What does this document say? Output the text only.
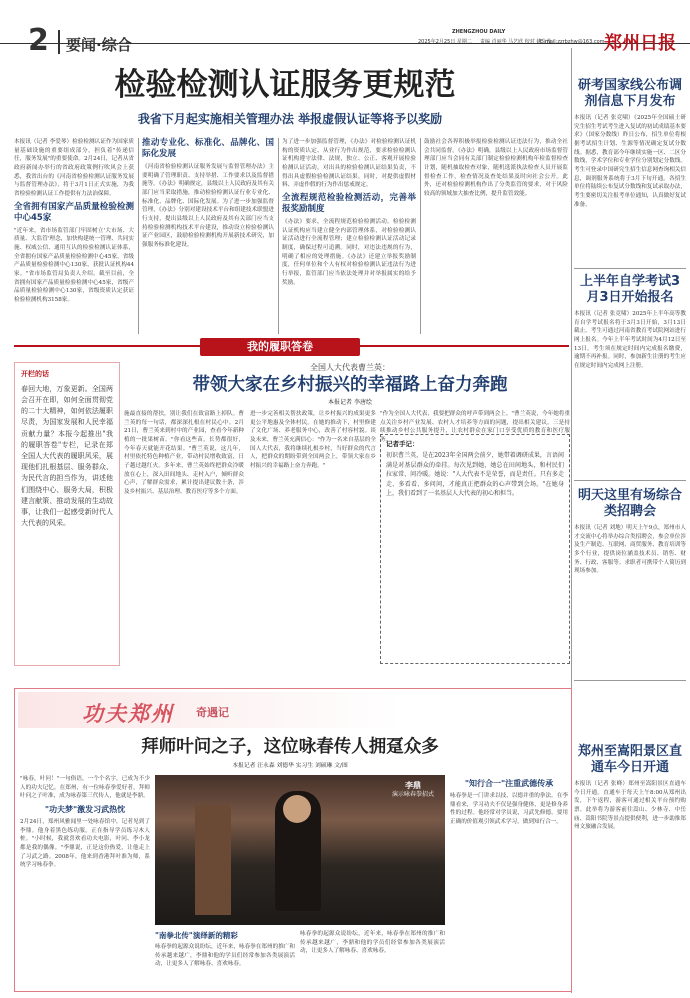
2 要闻·综合
ZHENGZHOU DAILY
2025年2月25日 星期二 责编 肖丽华 马艺欣 校对 姚会蓉
E-mail:zzrbzhw@163.com 郑州日报
检验检测认证服务更规范
我省下月起实施相关管理办法 举报虚假认证等将予以奖励
本报讯（记者 李爱琴）检验检测认证作为国家质量基础设施的重要组成部分，担负着"传递信任，服务发展"的重要使命。2月24日，记者从省政府新闻办举行的省政府政策例行吹风会上获悉，我省出台的《河南省检验检测认证服务发展与监督管理办法》，将于3月1日正式实施，为我省检验检测认证工作提供有力法治保障。
全省拥有国家产品质量检验检测中心45家
"近年来，省市场监管部门牢固树立'大市场、大质量、大监管'理念，加快构建统一管理、共同实施、权威公信、通用互认的检验检测认证体系，全省拥有国家产品质量检验检测中心45家，省级产品质量检验检测中心130家，获批认证机构44家。"省市场监管局负责人介绍。截至目前，全省拥有国家产品质量检验检测中心45家，省级产品质量检验检测中心130家，省级资质认定获证检验检测机构3158家。
推动专业化、标准化、品牌化、国际化发展
《河南省检验检测认证服务发展与监督管理办法》主要明确了管理职责、支持举措、工作要求以及监督措施等。《办法》明确规定，县级以上人民政府及其有关部门应当采取措施，推动检验检测认证行业专业化、标准化、品牌化、国际化发展。为了进一步加强监督管理，《办法》分别对建设技术平台和组建技术联盟进行支持，提出县级以上人民政府及其有关部门应当支持检验检测机构技术平台建设，推动设立检验检测认证产业园区，鼓励检验检测机构开展新技术研究，加强服务标准化建设。
为了进一步加强监督管理，《办法》对检验检测认证机构的资质认定、从业行为作出规范，要求检验检测认证机构遵守法律、法规，独立、公正、客观开展检验检测认证活动，对出具的检验检测认证结果负责，不得出具虚假检验检测认证结果。同时，对提供虚假材料、弄虚作假的行为作出惩戒规定。
全流程规范检验检测活动，完善举报奖励制度
《办法》要求，全流程规范检验检测活动。检验检测认证机构应当建立健全内部管理体系，对检验检测认证活动进行全流程管理；建立检验检测认证活动记录制度，确保过程可追溯。同时，对违法违规的行为，明确了相应的处理措施。《办法》还建立举报奖励制度，任何单位和个人有权对检验检测认证违法行为进行举报，监管部门应当依法处理并对举报属实的给予奖励。
鼓励社会各界积极举报检验检测认证违法行为，推动全社会共同监督。《办法》明确，县级以上人民政府市场监督管理部门应当会同有关部门制定检验检测机构年检监督检查计划，随机抽取检查对象，随机选派执法检查人员开展监督检查工作，检查情况及查处结果及时向社会公开。此外，还对检验检测机构作出了分类监管的要求，对于风险较高的领域加大抽查比例，提升监管效能。
研考国家线公布调剂信息下月发布
本报讯（记者 张竞啸）《2025年全国硕士研究生招生考试考生进入复试的初试成绩基本要求》（国家分数线）昨日公布，招生单位将根据考试招生计划、生源等情况确定复试分数线。据悉，教育部今年继续实施一区、二区分数线，学术学位和专业学位分别划定分数线。考生可登录中国研究生招生信息网查询相关信息，调剂服务系统将于3月下旬开通。各招生单位将陆续公布复试分数线和复试录取办法，考生要密切关注报考单位通知，认真做好复试准备。
上半年自学考试3月3日开始报名
本报讯（记者 张竞啸）2025年上半年高等教育自学考试报名将于3月3日开始，3月13日截止。考生可通过河南省教育考试院网站进行网上报名。今年上半年考试时间为4月12日至13日。考生须在规定时间内完成报名缴费，逾期不再补报。同时，参加新生注册的考生应在规定时间内完成网上注册。
明天这里有场综合类招聘会
本报讯（记者 刘地）明天上午9点，郑州市人才交流中心将举办综合类招聘会，参会单位涉及生产制造、互联网、商贸服务、教育培训等多个行业，提供岗位涵盖技术员、销售、财务、行政、客服等。求职者可携带个人简历到现场参加。
郑州至嵩阳景区直通车今日开通
本报讯（记者 张峰）郑州至嵩阳景区直通车今日开通。直通车于每天上午8:00从郑州出发，下午返程，游客可通过相关平台预约购票。此举将为游客前往嵩山、少林寺、中岳庙、嵩阳书院等景点提供便利，进一步助推郑州文旅融合发展。
我的履职答卷
开栏的话
春回大地，万象更新。全国两会召开在即，如何全面贯彻党的二十大精神，如何依法履职尽责，为国家发展和人民幸福贡献力量？本报今起推出"我的履职答卷"专栏，记录在郑全国人大代表的履职风采，展现他们扎根基层、服务群众、为民代言的担当作为，讲述他们围绕中心、服务大局，积极建言献策、推动发展的生动故事，让我们一起感受新时代人大代表的风采。
全国人大代表曹兰英：
带领大家在乡村振兴的幸福路上奋力奔跑
本报记者 李唐绘
施最直接的帮扶，别让我们在致富路上掉队。曹兰英的每一句话，都深深扎根在村民心中。2月21日，曹兰英来到村中的产业园，查看今年新种植的一批果树苗。"你看这些苗，长势都很好，今年春天就能开花结果。"曹兰英说，这几年，村里依托特色种植产业，带动村民增收致富，日子越过越红火。多年来，曹兰英始终把群众冷暖放在心上，深入田间地头、走村入户，倾听群众心声，了解群众需求，累计提出建议数十条，涉及乡村振兴、基层治理、教育医疗等多个方面。
进一步完善相关帮扶政策，让乡村振兴的成果更多更公平地惠及全体村民。在她的推动下，村里修建了文化广场、养老服务中心，改善了村容村貌。谈及未来，曹兰英充满信心："作为一名来自基层的全国人大代表，我将继续扎根乡村，当好群众的代言人，把群众的期盼带到全国两会上，带领大家在乡村振兴的幸福路上奋力奔跑。"
"作为全国人大代表，我要把群众的呼声带到两会上。"曹兰英说，今年她将重点关注乡村产业发展、农村人才培养等方面的问题，提出相关建议。三是持续推动乡村公共服务提升，让农村群众在家门口享受优质的教育和医疗服务。
记者手记：
初识曹兰英，是在2023年全国两会前夕，她带着调研成果，言语间满是对基层群众的牵挂。每次见到她，她总在田间地头，和村民们拉家常、问冷暖。她说："人大代表不是荣誉，而是责任。只有多走走、多看看、多问问，才能真正把群众的心声带到会场。"在她身上，我们看到了一名基层人大代表的初心和担当。
功夫郑州 奇遇记
拜师叶问之子，这位咏春传人拥趸众多
本报记者 汪永森 刘德华 实习生 刘硕琳 文/图
"咏春，叶问！"一句俗语，一个个名字，已成为不少人的功夫记忆。在郑州，有一位咏春拳爱好者，拜师叶问之子叶准，成为咏春第三代传人，他就是李鼎。
"功夫梦"激发习武热忱
2月24日，郑州风雅闻里一处咏春馆中，记者见到了李鼎。他身着黑色练功服，正在指导学员练习木人桩。"小时候，我就喜欢看功夫电影，叶问、李小龙都是我的偶像。"李鼎说，正是这份热爱，让他走上了习武之路。2008年，他来到香港拜叶准为师，系统学习咏春拳。
李鼎
演示咏春拳招式
"南拳北传"演绎新的精彩
咏春拳的起源众说纷纭，近年来，咏春拳在郑州的推广和传承越来越广，李鼎和他的学员们经常参加各类展演活动，让更多人了解咏春、喜欢咏春。
咏春拳的起源众说纷纭，近年来，咏春拳在郑州的推广和传承越来越广，李鼎和他的学员们经常参加各类展演活动，让更多人了解咏春、喜欢咏春。
"知行合一"注重武德传承
咏春拳是一门讲求以技、以德并重的拳法。在李鼎看来，学习功夫不仅是强身健体，更是修身养性的过程。他经常对学员说，习武先修德，要用正确的价值观引领武术学习，做到知行合一。
